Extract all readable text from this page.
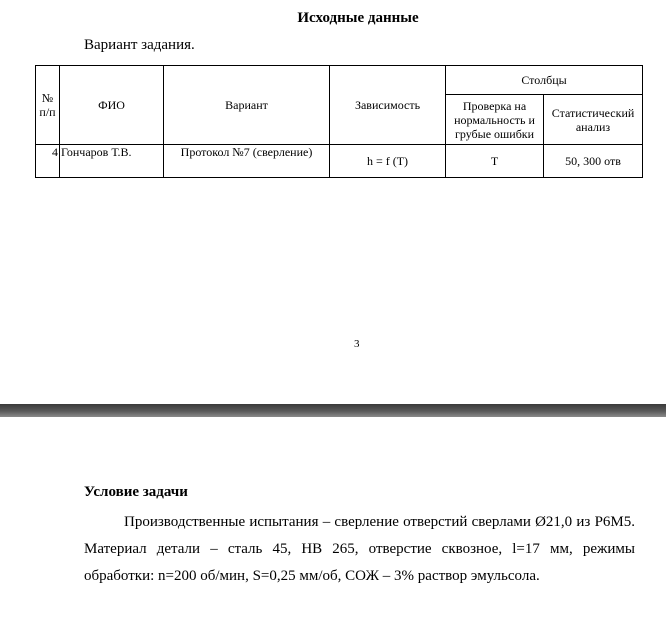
Исходные данные
Вариант задания.
№ п/п	ФИО	Вариант	Зависимость	Столбцы	
				Проверка на нормальность и грубые ошибки	Статистический анализ
4	Гончаров Т.В.	Протокол №7 (сверление)	h = f (T)	T	50, 300 отв
3
Условие задачи

Производственные испытания – сверление отверстий сверлами Ø21,0 из Р6М5. Материал детали – сталь 45, НВ 265, отверстие сквозное, l=17 мм, режимы обработки: n=200 об/мин, S=0,25 мм/об, СОЖ – 3% раствор эмульсола.
